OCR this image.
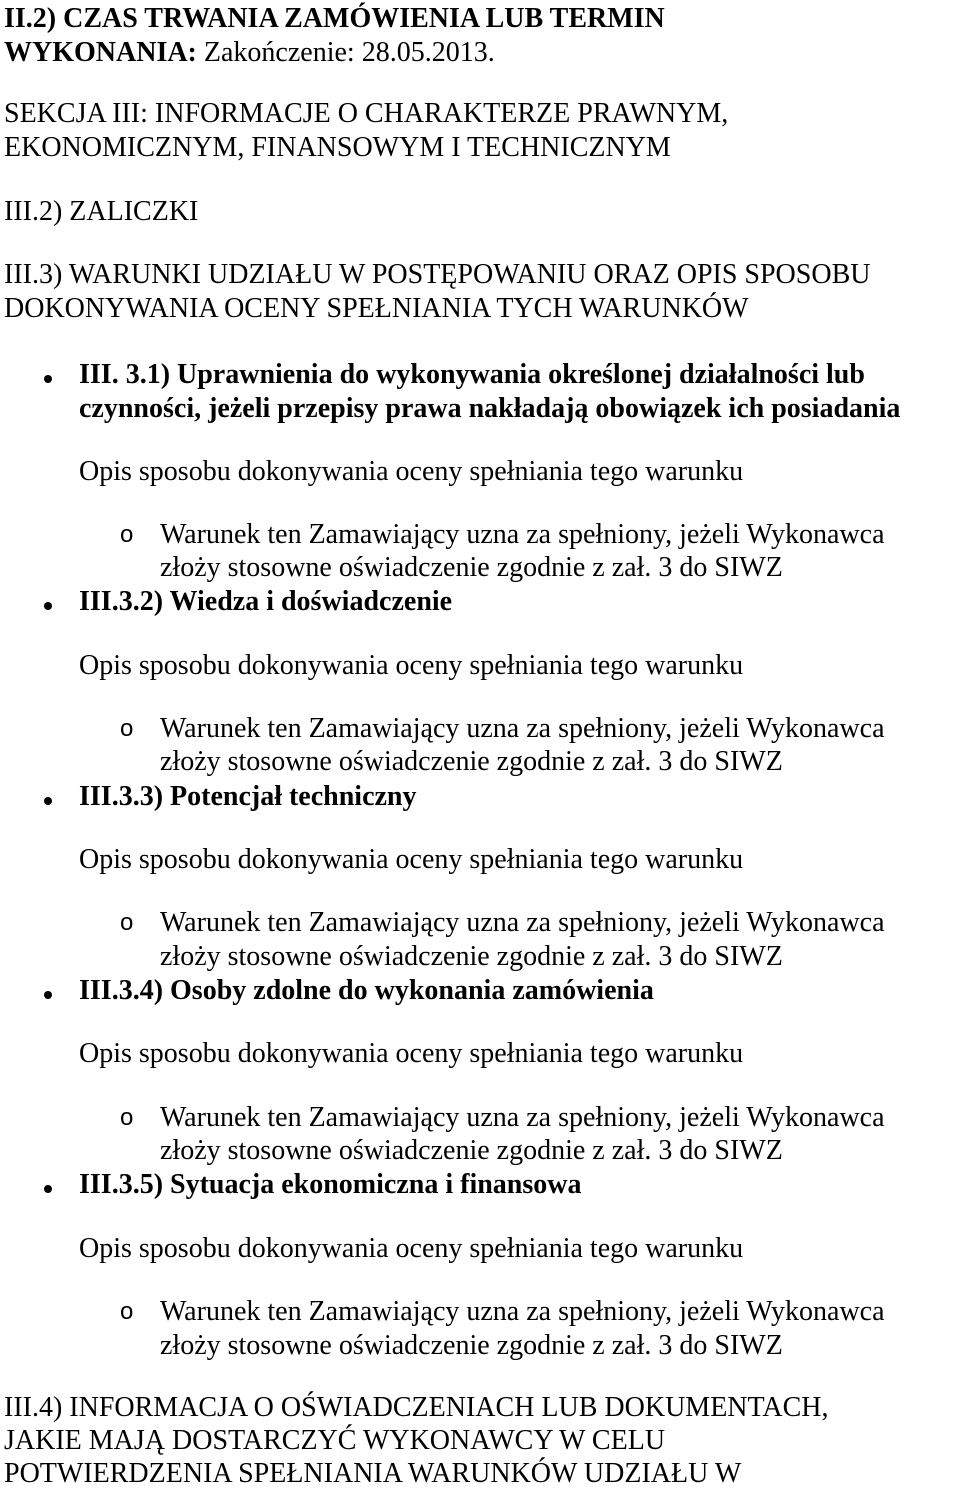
II.2) CZAS TRWANIA ZAMÓWIENIA LUB TERMIN

WYKONANIA: Zakończenie: 28.05.2013.

SEKCJA III: INFORMACJE O CHARAKTERZE PRAWNYM,

EKONOMICZNYM, FINANSOWYM I TECHNICZNYM

III.2) ZALICZKI

III.3) WARUNKI UDZIAŁU W POSTĘPOWANIU ORAZ OPIS SPOSOBU

DOKONYWANIA OCENY SPEŁNIANIA TYCH WARUNKÓW

III. 3.1) Uprawnienia do wykonywania określonej działalności lub

czynności, jeżeli przepisy prawa nakładają obowiązek ich posiadania

Opis sposobu dokonywania oceny spełniania tego warunku

o Warunek ten Zamawiający uzna za spełniony, jeżeli Wykonawca

złoży stosowne oświadczenie zgodnie z zał. 3 do SIWZ

III.3.2) Wiedza i doświadczenie

Opis sposobu dokonywania oceny spełniania tego warunku

o Warunek ten Zamawiający uzna za spełniony, jeżeli Wykonawca

złoży stosowne oświadczenie zgodnie z zał. 3 do SIWZ

III.3.3) Potencjał techniczny

Opis sposobu dokonywania oceny spełniania tego warunku

o Warunek ten Zamawiający uzna za spełniony, jeżeli Wykonawca

złoży stosowne oświadczenie zgodnie z zał. 3 do SIWZ

III.3.4) Osoby zdolne do wykonania zamówienia

Opis sposobu dokonywania oceny spełniania tego warunku

o Warunek ten Zamawiający uzna za spełniony, jeżeli Wykonawca

złoży stosowne oświadczenie zgodnie z zał. 3 do SIWZ

III.3.5) Sytuacja ekonomiczna i finansowa

Opis sposobu dokonywania oceny spełniania tego warunku

o Warunek ten Zamawiający uzna za spełniony, jeżeli Wykonawca

złoży stosowne oświadczenie zgodnie z zał. 3 do SIWZ

III.4) INFORMACJA O OŚWIADCZENIACH LUB DOKUMENTACH,

JAKIE MAJĄ DOSTARCZYĆ WYKONAWCY W CELU

POTWIERDZENIA SPEŁNIANIA WARUNKÓW UDZIAŁU W
